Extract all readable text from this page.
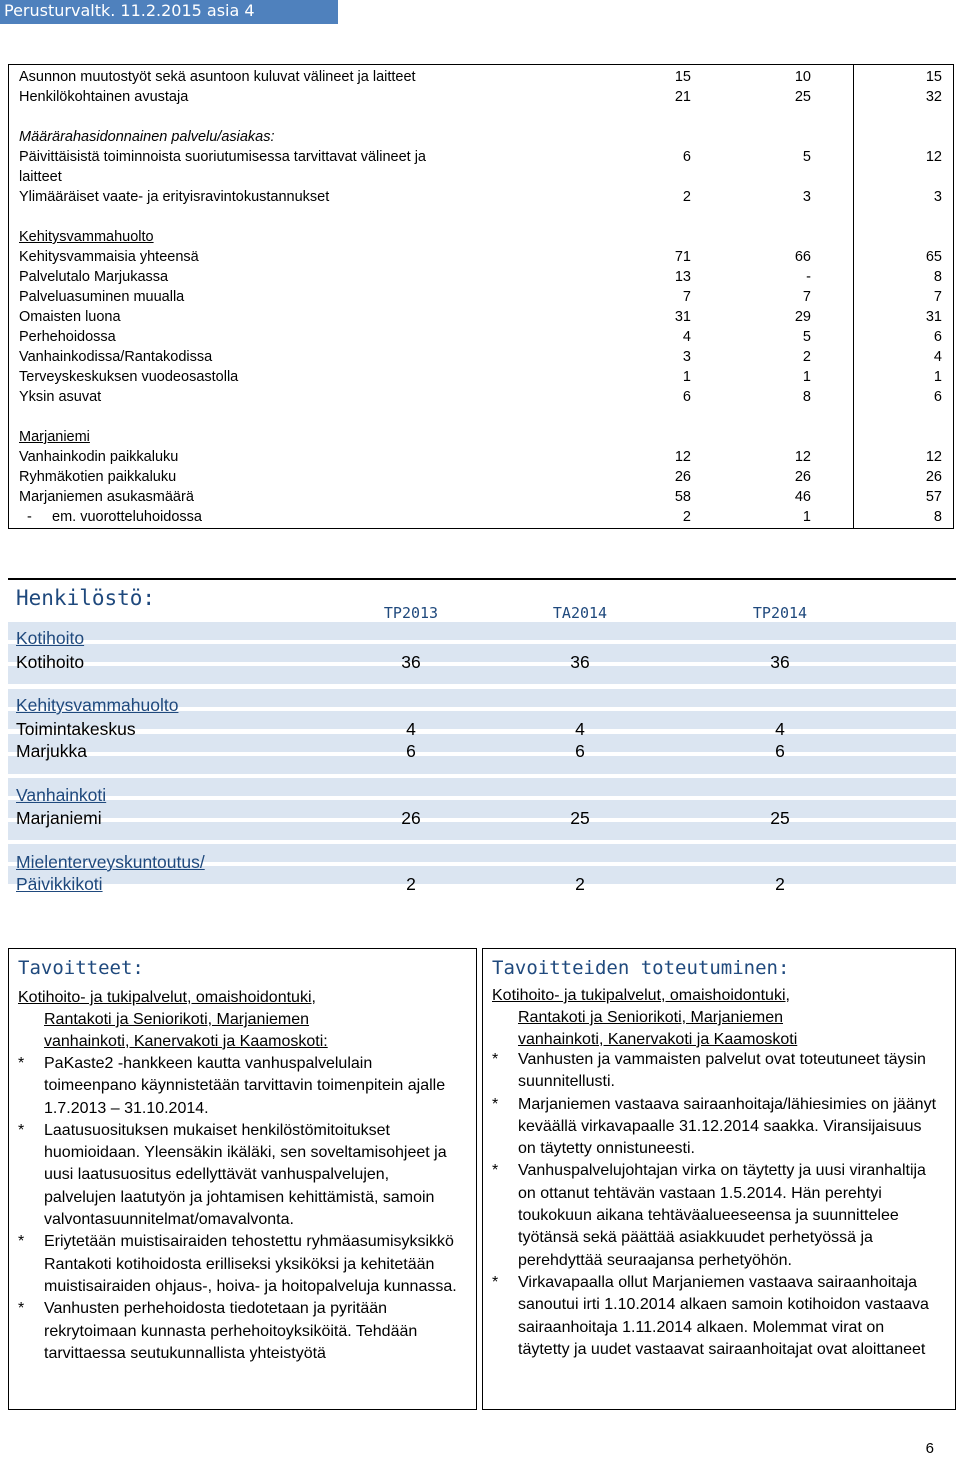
Perusturvaltk. 11.2.2015 asia 4
Asunnon muutostyöt sekä asuntoon kuluvat välineet ja laitteet	15	10	15
Henkilökohtainen avustaja	21	25	32
Määrärahasidonnainen palvelu/asiakas:
Päivittäisistä toiminnoista suoriutumisessa tarvittavat välineet ja	6	5	12
laitteet
Ylimääräiset vaate- ja erityisravintokustannukset	2	3	3
Kehitysvammahuolto
Kehitysvammaisia yhteensä	71	66	65
Palvelutalo Marjukassa	13	-	8
Palveluasuminen muualla	7	7	7
Omaisten luona	31	29	31
Perhehoidossa	4	5	6
Vanhainkodissa/Rantakodissa	3	2	4
Terveyskeskuksen vuodeosastolla	1	1	1
Yksin asuvat	6	8	6
Marjaniemi
Vanhainkodin paikkaluku	12	12	12
Ryhmäkotien paikkaluku	26	26	26
Marjaniemen asukasmäärä	58	46	57
-     em. vuorotteluhoidossa	2	1	8
Henkilöstö:
TP2013	TA2014	TP2014
Kotihoito
Kotihoito	36	36	36
Kehitysvammahuolto
Toimintakeskus	4	4	4
Marjukka	6	6	6
Vanhainkoti
Marjaniemi	26	25	25
Mielenterveyskuntoutus/
Päivikkikoti	2	2	2
Tavoitteet:
Kotihoito- ja tukipalvelut, omaishoidontuki,
Rantakoti ja Seniorikoti, Marjaniemen
vanhainkoti, Kanervakoti ja Kaamoskoti:
* PaKaste2 -hankkeen kautta vanhuspalvelulain toimeenpano käynnistetään tarvittavin toimenpitein ajalle 1.7.2013 – 31.10.2014.
* Laatusuosituksen mukaiset henkilöstömitoitukset huomioidaan. Yleensäkin ikäläki, sen soveltamisohjeet ja uusi laatusuositus edellyttävät vanhuspalvelujen, palvelujen laatutyön ja johtamisen kehittämistä, samoin valvontasuunnitelmat/omavalvonta.
* Eriytetään muistisairaiden tehostettu ryhmäasumisyksikkö Rantakoti kotihoidosta erilliseksi yksiköksi ja kehitetään muistisairaiden ohjaus-, hoiva- ja hoitopalveluja kunnassa.
* Vanhusten perhehoidosta tiedotetaan ja pyritään rekrytoimaan kunnasta perhehoitoyksiköitä. Tehdään tarvittaessa seutukunnallista yhteistyötä
Tavoitteiden toteutuminen:
Kotihoito- ja tukipalvelut, omaishoidontuki,
Rantakoti ja Seniorikoti, Marjaniemen
vanhainkoti, Kanervakoti ja Kaamoskoti
* Vanhusten ja vammaisten palvelut ovat toteutuneet täysin suunnitellusti.
* Marjaniemen vastaava sairaanhoitaja/lähiesimies on jäänyt keväällä virkavapaalle 31.12.2014 saakka. Viransijaisuus on täytetty onnistuneesti.
* Vanhuspalvelujohtajan virka on täytetty ja uusi viranhaltija on ottanut tehtävän vastaan 1.5.2014. Hän perehtyi toukokuun aikana tehtäväalueeseensa ja suunnittelee työtänsä sekä päättää asiakkuudet perhetyössä ja perehdyttää seuraajansa perhetyöhön.
* Virkavapaalla ollut Marjaniemen vastaava sairaanhoitaja sanoutui irti 1.10.2014 alkaen samoin kotihoidon vastaava sairaanhoitaja 1.11.2014 alkaen. Molemmat virat on täytetty ja uudet vastaavat sairaanhoitajat ovat aloittaneet
6
